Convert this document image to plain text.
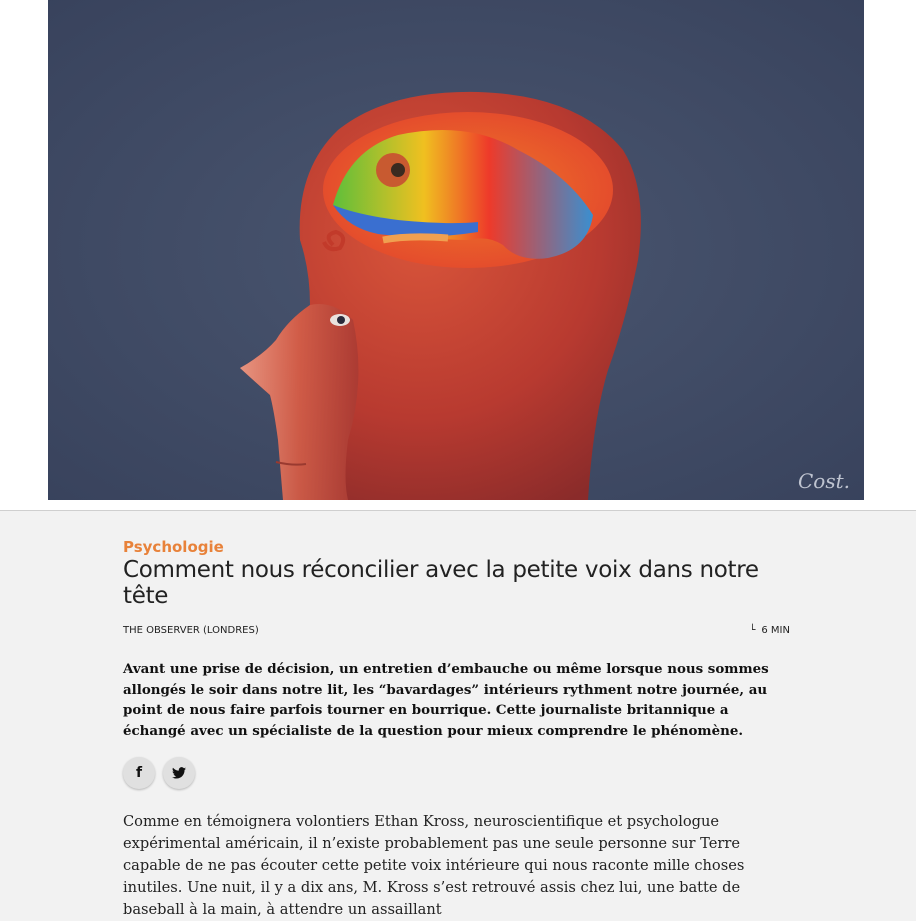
Cost.

Psychologie

Comment nous réconcilier avec la petite voix dans notre tête
THE OBSERVER (LONDRES)	└ 6 MIN
Avant une prise de décision, un entretien d’embauche ou même lorsque nous sommes allongés le soir dans notre lit, les “bavardages” intérieurs rythment notre journée, au point de nous faire parfois tourner en bourrique. Cette journaliste britannique a échangé avec un spécialiste de la question pour mieux comprendre le phénomène.
f
Comme en témoignera volontiers Ethan Kross, neuroscientifique et psychologue expérimental américain, il n’existe probablement pas une seule personne sur Terre capable de ne pas écouter cette petite voix intérieure qui nous raconte mille choses inutiles. Une nuit, il y a dix ans, M. Kross s’est retrouvé assis chez lui, une batte de baseball à la main, à attendre un assaillant
